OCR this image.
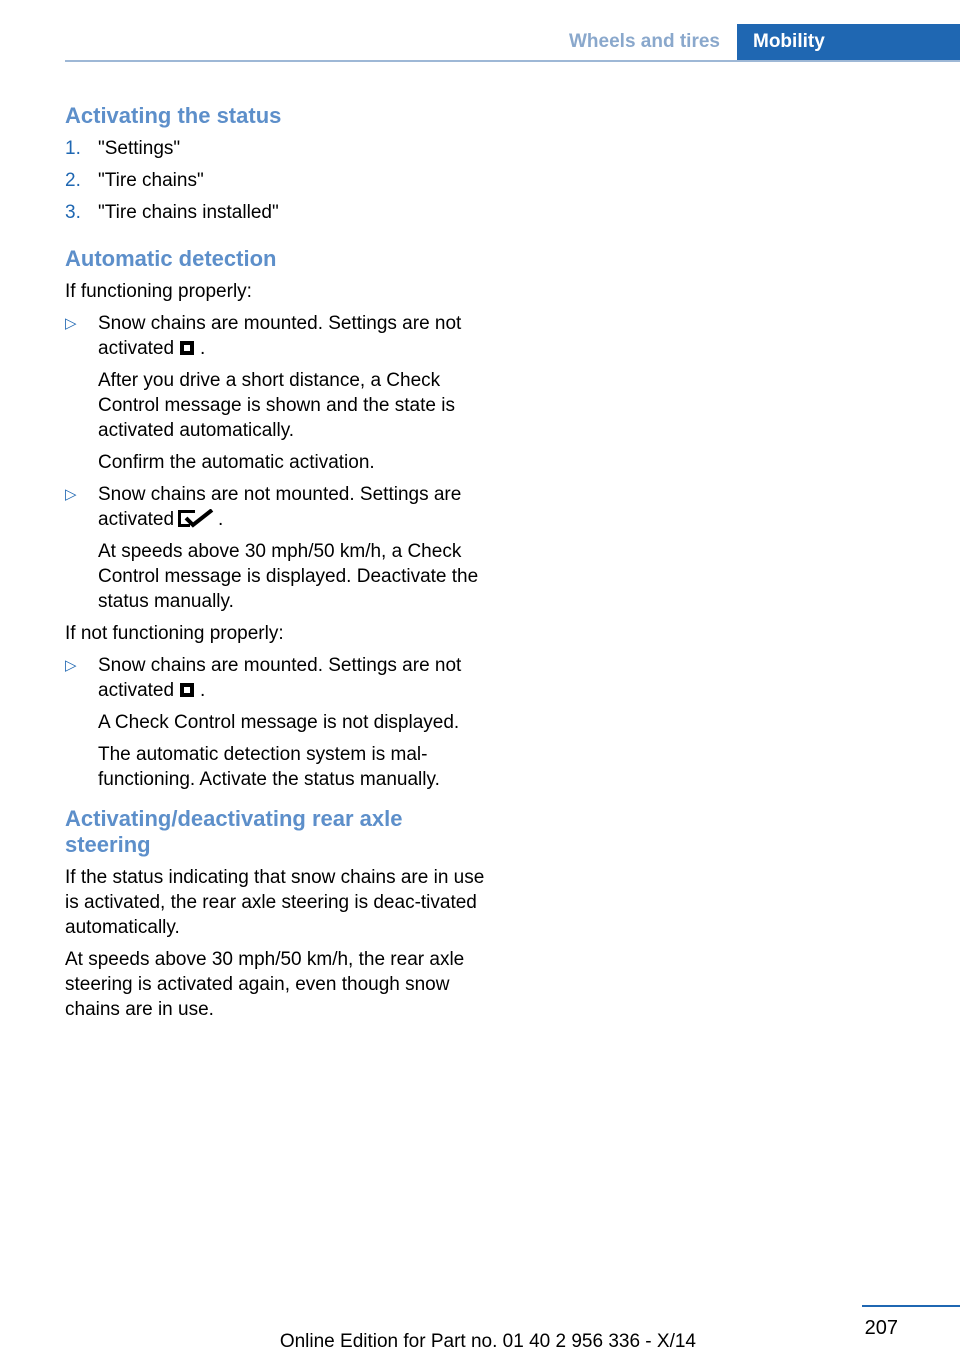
Wheels and tires Mobility
Activating the status
1. "Settings"
2. "Tire chains"
3. "Tire chains installed"
Automatic detection

If functioning properly:

▷ Snow chains are mounted. Settings are not activated .

After you drive a short distance, a Check Control message is shown and the state is activated automatically.

Confirm the automatic activation.

▷ Snow chains are not mounted. Settings are activated .

At speeds above 30 mph/50 km/h, a Check Control message is displayed. Deactivate the status manually.

If not functioning properly:

▷ Snow chains are mounted. Settings are not activated .

A Check Control message is not displayed.

The automatic detection system is mal‐functioning. Activate the status manually.

Activating/deactivating rear axle steering

If the status indicating that snow chains are in use is activated, the rear axle steering is deac‐tivated automatically.

At speeds above 30 mph/50 km/h, the rear axle steering is activated again, even though snow chains are in use.

207
Online Edition for Part no. 01 40 2 956 336 - X/14
